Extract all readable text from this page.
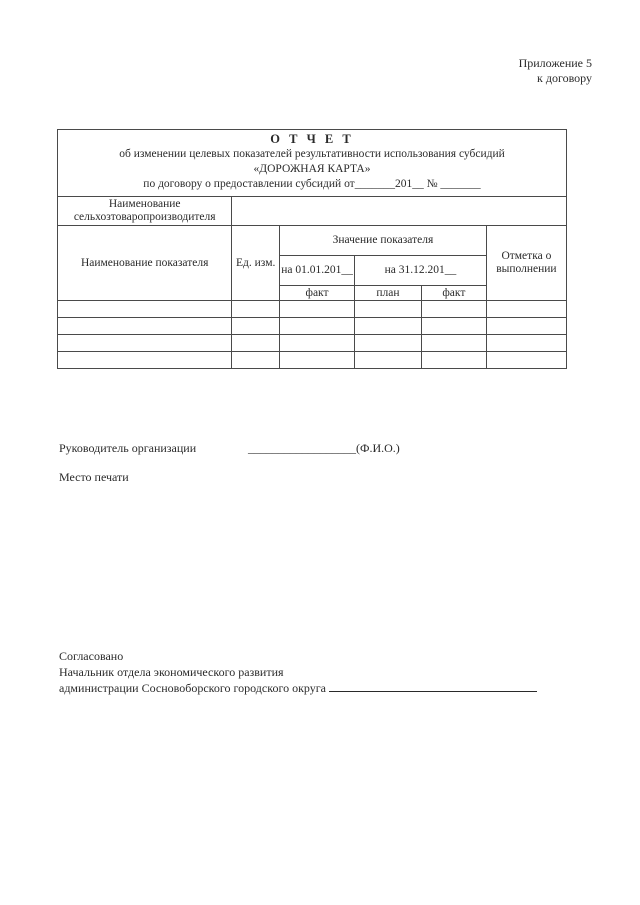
Приложение 5
к договору
О Т Ч Е Т
об изменении целевых показателей результативности использования субсидий
«ДОРОЖНАЯ КАРТА»
по договору о предоставлении субсидий от_______201__ № _______					

Наименование сельхозтоваропроизводителя					
Наименование показателя	Ед. изм.	Значение показателя			Отметка о выполнении
		на 01.01.201__	на 31.12.201__		
		факт	план	факт	

Руководитель организации	__________________(Ф.И.О.)
Место печати
Согласовано
Начальник отдела экономического развития
администрации Сосновоборского городского округа
